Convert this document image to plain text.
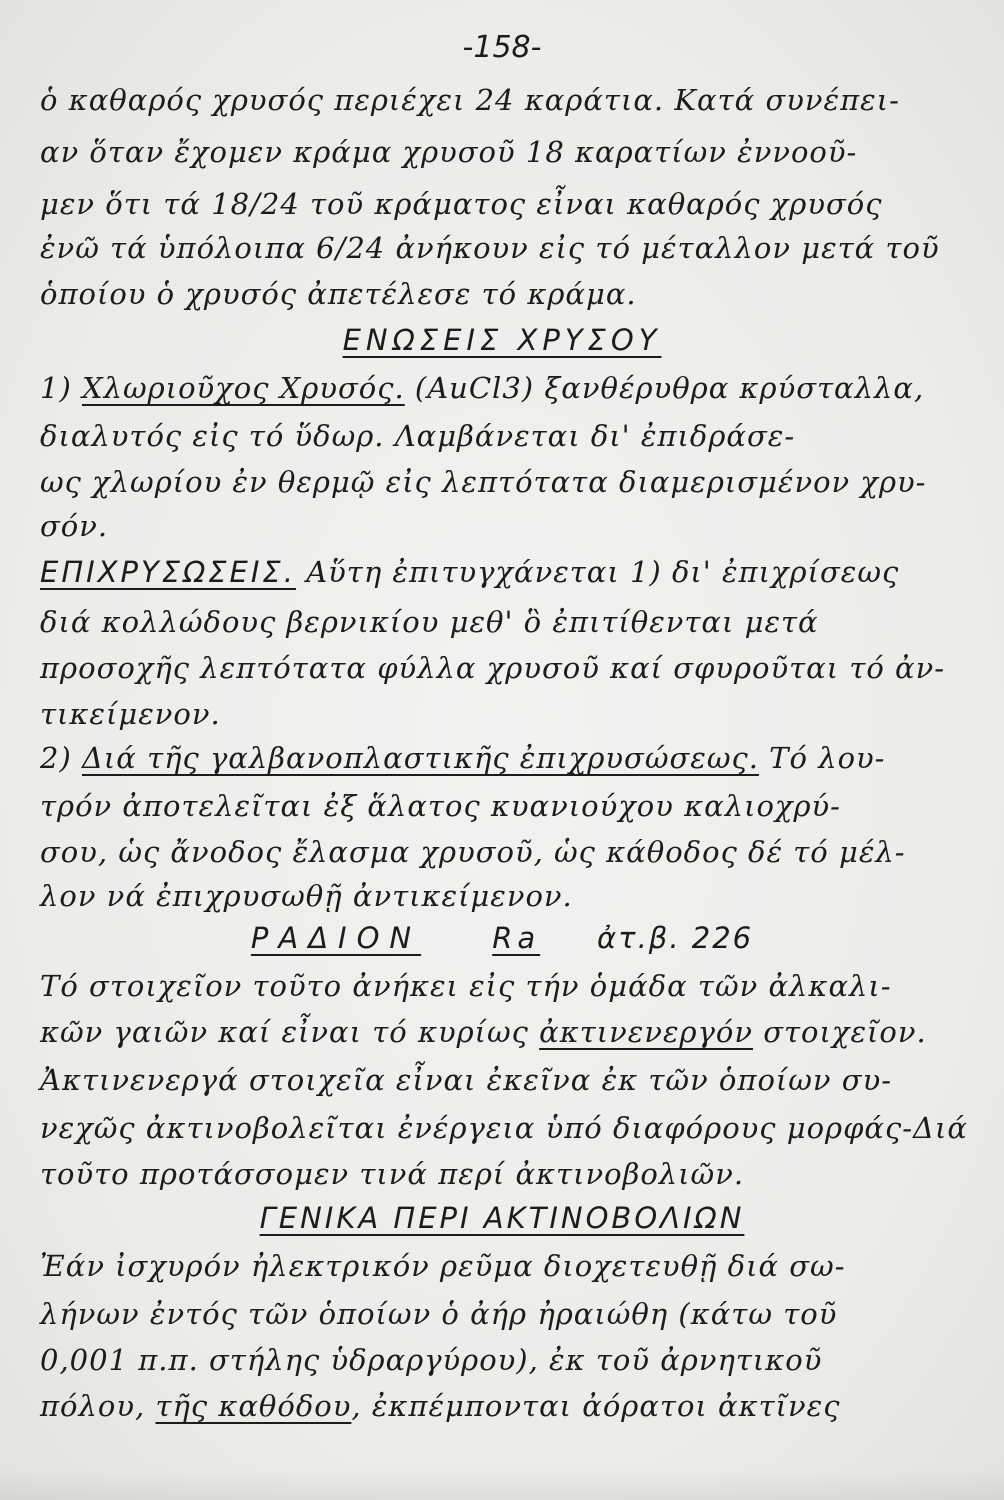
-158-
ὁ καθαρός χρυσός περιέχει 24 καράτια. Κατά συνέπει-
αν ὅταν ἔχομεν κράμα χρυσοῦ 18 καρατίων ἐννοοῦ-
μεν ὅτι τά 18/24 τοῦ κράματος εἶναι καθαρός χρυσός
ἐνῶ τά ὑπόλοιπα 6/24 ἀνήκουν εἰς τό μέταλλον μετά τοῦ
ὁποίου ὁ χρυσός ἀπετέλεσε τό κράμα.
ΕΝΩΣΕΙΣ ΧΡΥΣΟΥ
1) Χλωριοῦχος Χρυσός. (AuCl3) ξανθέρυθρα κρύσταλλα,
διαλυτός εἰς τό ὕδωρ. Λαμβάνεται δι' ἐπιδράσε-
ως χλωρίου ἐν θερμῷ εἰς λεπτότατα διαμερισμένον χρυ-
σόν.
ΕΠΙΧΡΥΣΩΣΕΙΣ. Αὕτη ἐπιτυγχάνεται 1) δι' ἐπιχρίσεως
διά κολλώδους βερνικίου μεθ' ὃ ἐπιτίθενται μετά
προσοχῆς λεπτότατα φύλλα χρυσοῦ καί σφυροῦται τό ἀν-
τικείμενον.
2) Διά τῆς γαλβανοπλαστικῆς ἐπιχρυσώσεως. Τό λου-
τρόν ἀποτελεῖται ἐξ ἅλατος κυανιούχου καλιοχρύ-
σου, ὡς ἄνοδος ἔλασμα χρυσοῦ, ὡς κάθοδος δέ τό μέλ-
λον νά ἐπιχρυσωθῇ ἀντικείμενον.
ΡΑΔΙΟΝ Ra ἀτ.β. 226
Τό στοιχεῖον τοῦτο ἀνήκει εἰς τήν ὁμάδα τῶν ἀλκαλι-
κῶν γαιῶν καί εἶναι τό κυρίως ἀκτινενεργόν στοιχεῖον.
Ἀκτινενεργά στοιχεῖα εἶναι ἐκεῖνα ἐκ τῶν ὁποίων συ-
νεχῶς ἀκτινοβολεῖται ἐνέργεια ὑπό διαφόρους μορφάς-Διά
τοῦτο προτάσσομεν τινά περί ἀκτινοβολιῶν.
ΓΕΝΙΚΑ ΠΕΡΙ ΑΚΤΙΝΟΒΟΛΙΩΝ
Ἐάν ἰσχυρόν ἠλεκτρικόν ρεῦμα διοχετευθῇ διά σω-
λήνων ἐντός τῶν ὁποίων ὁ ἀήρ ἠραιώθη (κάτω τοῦ
0,001 π.π. στήλης ὑδραργύρου), ἐκ τοῦ ἀρνητικοῦ
πόλου, τῆς καθόδου, ἐκπέμπονται ἀόρατοι ἀκτῖνες
